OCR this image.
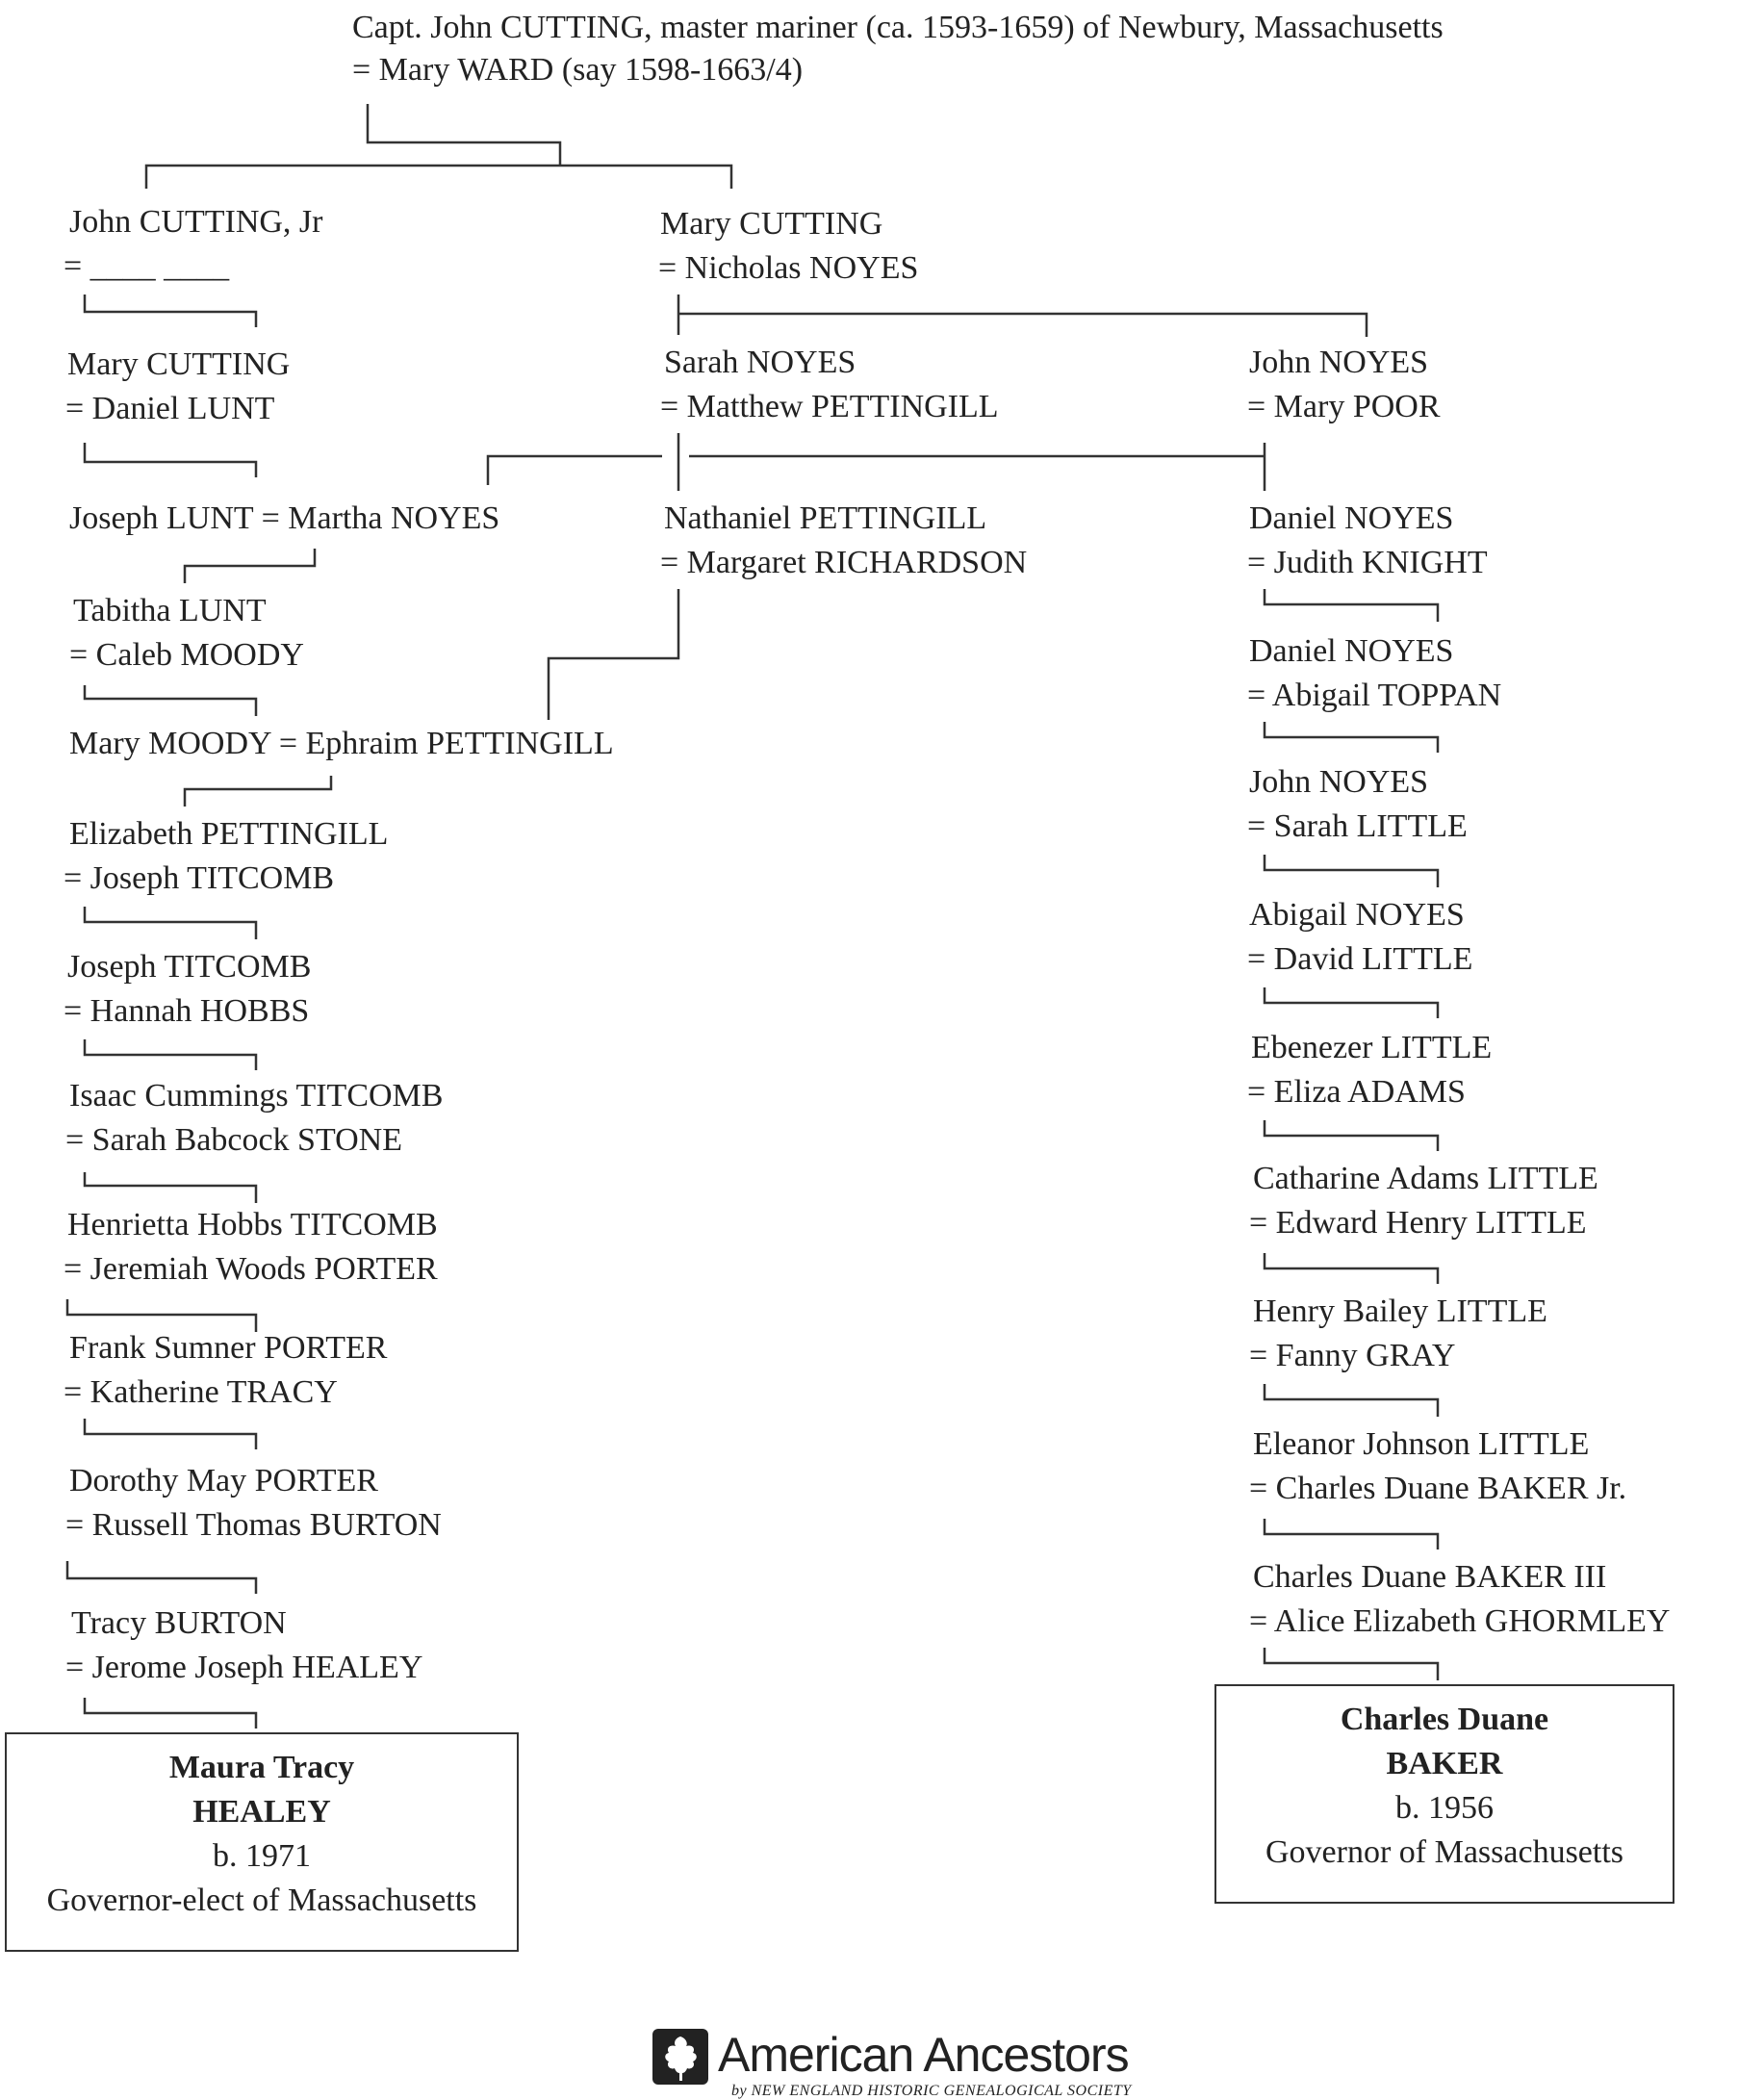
Capt. John CUTTING, master mariner (ca. 1593-1659) of Newbury, Massachusetts
= Mary WARD (say 1598-1663/4)
John CUTTING, Jr
= ____ ____
Mary CUTTING
= Nicholas NOYES
Mary CUTTING
= Daniel LUNT
Sarah NOYES
= Matthew PETTINGILL
John NOYES
= Mary POOR
Joseph LUNT = Martha NOYES	Nathaniel PETTINGILL
= Margaret RICHARDSON
Daniel NOYES
= Judith KNIGHT
Tabitha LUNT
= Caleb MOODY
Mary MOODY = Ephraim PETTINGILL
Elizabeth PETTINGILL
= Joseph TITCOMB
Joseph TITCOMB
= Hannah HOBBS
Isaac Cummings TITCOMB
= Sarah Babcock STONE
Henrietta Hobbs TITCOMB
= Jeremiah Woods PORTER
Frank Sumner PORTER
= Katherine TRACY
Dorothy May PORTER
= Russell Thomas BURTON
Tracy BURTON
= Jerome Joseph HEALEY
Daniel NOYES
= Abigail TOPPAN
John NOYES
= Sarah LITTLE
Abigail NOYES
= David LITTLE
Ebenezer LITTLE
= Eliza ADAMS
Catharine Adams LITTLE
= Edward Henry LITTLE
Henry Bailey LITTLE
= Fanny GRAY
Eleanor Johnson LITTLE
= Charles Duane BAKER Jr.
Charles Duane BAKER III
= Alice Elizabeth GHORMLEY
Maura Tracy
HEALEY
b. 1971
Governor-elect of Massachusetts
Charles Duane
BAKER
b. 1956
Governor of Massachusetts
American Ancestors
by NEW ENGLAND HISTORIC GENEALOGICAL SOCIETY
